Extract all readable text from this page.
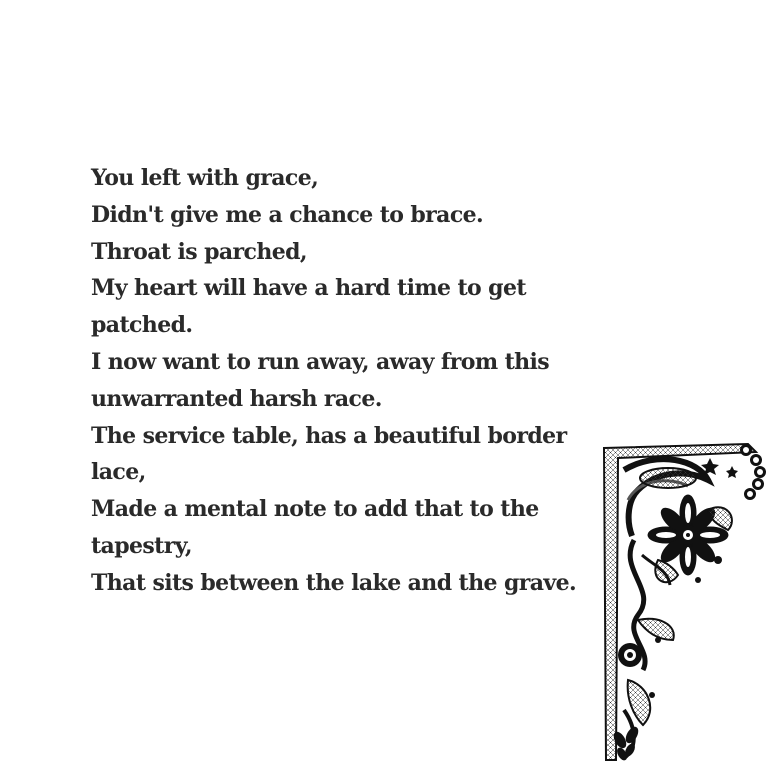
You left with grace,
Didn't give me a chance to brace.
Throat is parched,
My heart will have a hard time to get
patched.
I now want to run away, away from this
unwarranted harsh race.
The service table, has a beautiful border
lace,
Made a mental note to add that to the
tapestry,
That sits between the lake and the grave.
